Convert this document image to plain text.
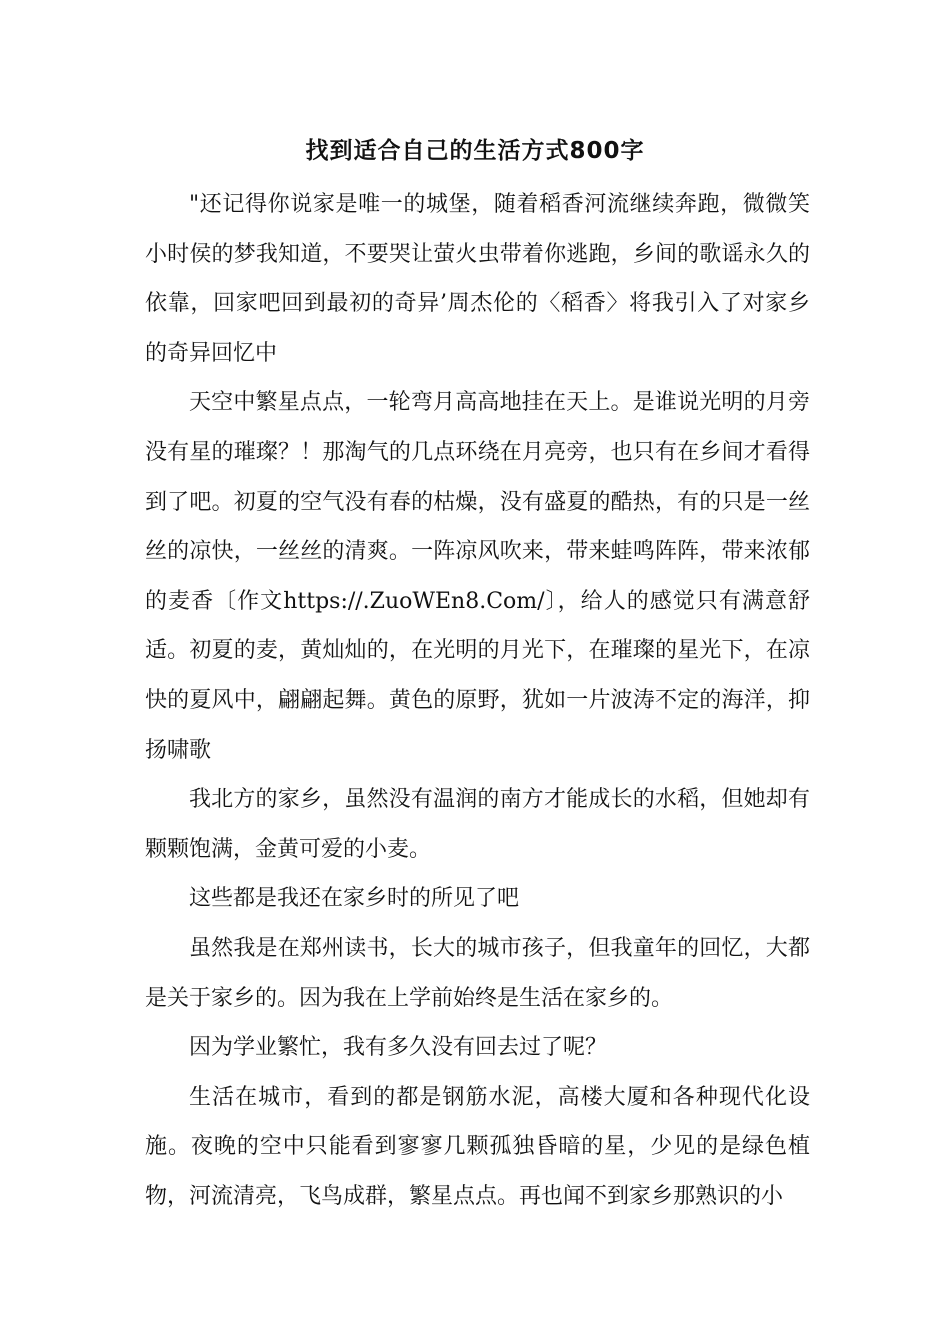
找到适合自己的生活方式800字

"还记得你说家是唯一的城堡，随着稻香河流继续奔跑，微微笑小时侯的梦我知道，不要哭让萤火虫带着你逃跑，乡间的歌谣永久的依靠，回家吧回到最初的奇异’周杰伦的〈稻香〉将我引入了对家乡的奇异回忆中

天空中繁星点点，一轮弯月高高地挂在天上。是谁说光明的月旁没有星的璀璨？！那淘气的几点环绕在月亮旁，也只有在乡间才看得到了吧。初夏的空气没有春的枯燥，没有盛夏的酷热，有的只是一丝丝的凉快，一丝丝的清爽。一阵凉风吹来，带来蛙鸣阵阵，带来浓郁的麦香〔作文https://.ZuoWEn8.Com/〕，给人的感觉只有满意舒适。初夏的麦，黄灿灿的，在光明的月光下，在璀璨的星光下，在凉快的夏风中，翩翩起舞。黄色的原野，犹如一片波涛不定的海洋，抑扬啸歌

我北方的家乡，虽然没有温润的南方才能成长的水稻，但她却有颗颗饱满，金黄可爱的小麦。

这些都是我还在家乡时的所见了吧

虽然我是在郑州读书，长大的城市孩子，但我童年的回忆，大都是关于家乡的。因为我在上学前始终是生活在家乡的。

因为学业繁忙，我有多久没有回去过了呢？

生活在城市，看到的都是钢筋水泥，高楼大厦和各种现代化设施。夜晚的空中只能看到寥寥几颗孤独昏暗的星，少见的是绿色植物，河流清亮，飞鸟成群，繁星点点。再也闻不到家乡那熟识的小
